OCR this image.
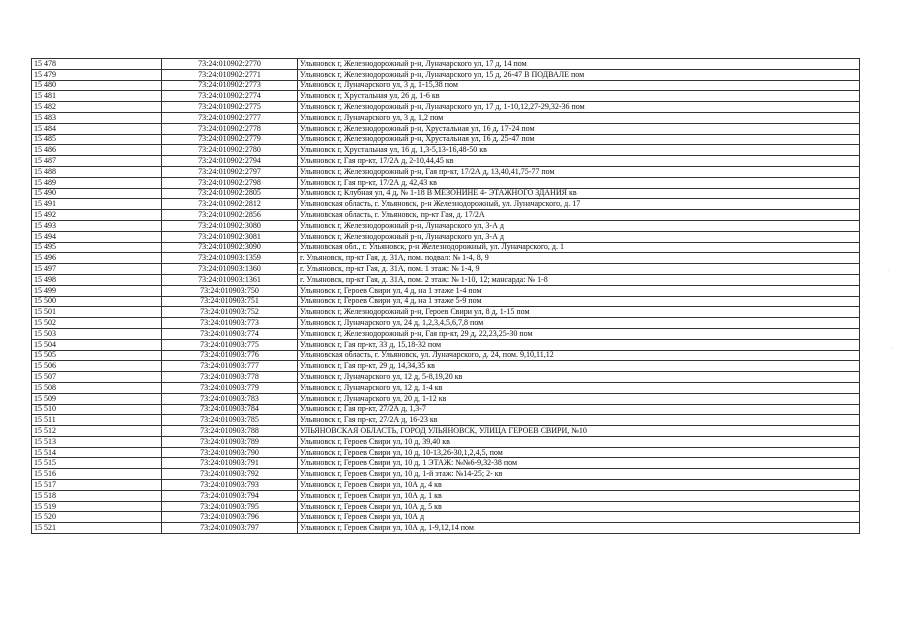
15 478	73:24:010902:2770	Ульяновск г, Железнодорожный р-н, Луначарского ул, 17 д, 14 пом
15 479	73:24:010902:2771	Ульяновск г, Железнодорожный р-н, Луначарского ул, 15 д, 26-47 В ПОДВАЛЕ пом
15 480	73:24:010902:2773	Ульяновск г, Луначарского ул, 3 д, 1-15,38 пом
15 481	73:24:010902:2774	Ульяновск г, Хрустальная ул, 26 д, 1-6 кв
15 482	73:24:010902:2775	Ульяновск г, Железнодорожный р-н, Луначарского ул, 17 д, 1-10,12,27-29,32-36 пом
15 483	73:24:010902:2777	Ульяновск г, Луначарского ул, 3 д, 1,2 пом
15 484	73:24:010902:2778	Ульяновск г, Железнодорожный р-н, Хрустальная ул, 16 д, 17-24 пом
15 485	73:24:010902:2779	Ульяновск г, Железнодорожный р-н, Хрустальная ул, 16 д, 25-47 пом
15 486	73:24:010902:2780	Ульяновск г, Хрустальная ул, 16 д, 1,3-5,13-16,48-50 кв
15 487	73:24:010902:2794	Ульяновск г, Гая пр-кт, 17/2А д, 2-10,44,45 кв
15 488	73:24:010902:2797	Ульяновск г, Железнодорожный р-н, Гая пр-кт, 17/2А д, 13,40,41,75-77 пом
15 489	73:24:010902:2798	Ульяновск г, Гая пр-кт, 17/2А д, 42,43 кв
15 490	73:24:010902:2805	Ульяновск г, Клубная ул, 4 д, № 1-18 В МЕЗОНИНЕ 4- ЭТАЖНОГО ЗДАНИЯ кв
15 491	73:24:010902:2812	Ульяновская область, г. Ульяновск, р-н Железнодорожный, ул. Луначарского, д. 17
15 492	73:24:010902:2856	Ульяновская область, г. Ульяновск, пр-кт Гая, д. 17/2А
15 493	73:24:010902:3080	Ульяновск г, Железнодорожный р-н, Луначарского ул, 3-А д
15 494	73:24:010902:3081	Ульяновск г, Железнодорожный р-н, Луначарского ул, 3-А д
15 495	73:24:010902:3090	Ульяновская обл., г. Ульяновск, р-н Железнодорожный, ул. Луначарского, д. 1
15 496	73:24:010903:1359	г. Ульяновск, пр-кт Гая, д. 31А, пом. подвал: № 1-4, 8, 9
15 497	73:24:010903:1360	г. Ульяновск, пр-кт Гая, д. 31А, пом. 1 этаж: № 1-4, 9
15 498	73:24:010903:1361	г. Ульяновск, пр-кт Гая, д. 31А, пом. 2 этаж: № 1-10, 12; мансарда: № 1-8
15 499	73:24:010903:750	Ульяновск г, Героев Свири ул, 4 д, на 1 этаже 1-4 пом
15 500	73:24:010903:751	Ульяновск г, Героев Свири ул, 4 д, на 1 этаже 5-9 пом
15 501	73:24:010903:752	Ульяновск г, Железнодорожный р-н, Героев Свири ул, 8 д, 1-15 пом
15 502	73:24:010903:773	Ульяновск г, Луначарского ул, 24 д, 1,2,3,4,5,6,7,8 пом
15 503	73:24:010903:774	Ульяновск г, Железнодорожный р-н, Гая пр-кт, 29 д, 22,23,25-30 пом
15 504	73:24:010903:775	Ульяновск г, Гая пр-кт, 33 д, 15,18-32 пом
15 505	73:24:010903:776	Ульяновская область, г. Ульяновск, ул. Луначарского, д. 24, пом. 9,10,11,12
15 506	73:24:010903:777	Ульяновск г, Гая пр-кт, 29 д, 14,34,35 кв
15 507	73:24:010903:778	Ульяновск г, Луначарского ул, 12 д, 5-8,19,20 кв
15 508	73:24:010903:779	Ульяновск г, Луначарского ул, 12 д, 1-4 кв
15 509	73:24:010903:783	Ульяновск г, Луначарского ул, 20 д, 1-12 кв
15 510	73:24:010903:784	Ульяновск г, Гая пр-кт, 27/2А д, 1,3-7
15 511	73:24:010903:785	Ульяновск г, Гая пр-кт, 27/2А д, 16-23 кв
15 512	73:24:010903:788	УЛЬЯНОВСКАЯ ОБЛАСТЬ, ГОРОД УЛЬЯНОВСК, УЛИЦА ГЕРОЕВ СВИРИ, №10
15 513	73:24:010903:789	Ульяновск г, Героев Свири ул, 10 д, 39,40 кв
15 514	73:24:010903:790	Ульяновск г, Героев Свири ул, 10 д, 10-13,26-30,1,2,4,5, пом
15 515	73:24:010903:791	Ульяновск г, Героев Свири ул, 10 д, 1 ЭТАЖ: №№6-9,32-38 пом
15 516	73:24:010903:792	Ульяновск г, Героев Свири ул, 10 д, 1-й этаж: №14-25; 2- кв
15 517	73:24:010903:793	Ульяновск г, Героев Свири ул, 10А д, 4 кв
15 518	73:24:010903:794	Ульяновск г, Героев Свири ул, 10А д, 1 кв
15 519	73:24:010903:795	Ульяновск г, Героев Свири ул, 10А д, 5 кв
15 520	73:24:010903:796	Ульяновск г, Героев Свири ул, 10А д
15 521	73:24:010903:797	Ульяновск г, Героев Свири ул, 10А д, 1-9,12,14 пом
·
·
